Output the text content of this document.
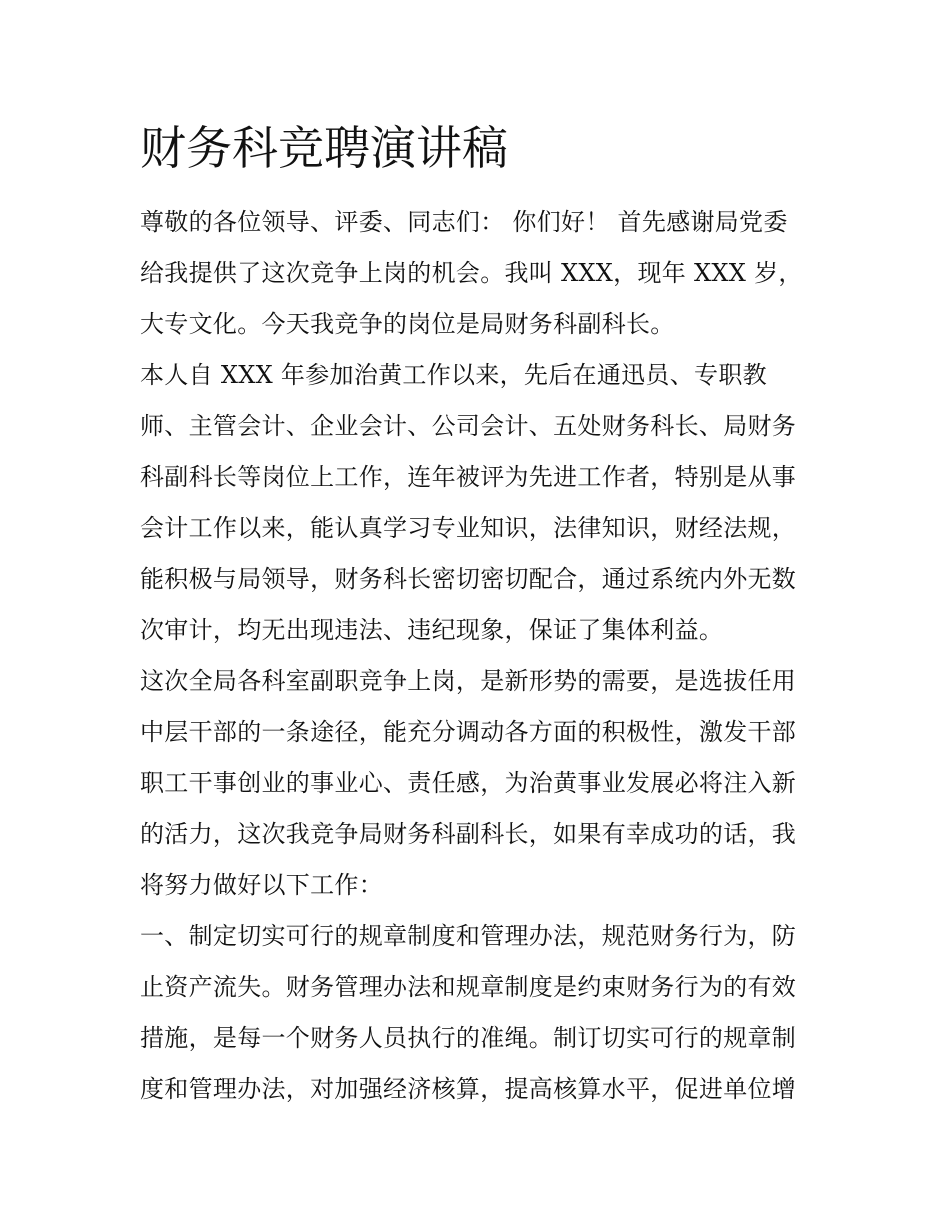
财务科竞聘演讲稿

尊敬的各位领导、评委、同志们： 你们好！ 首先感谢局党委

给我提供了这次竞争上岗的机会。我叫 XXX，现年 XXX 岁，

大专文化。今天我竞争的岗位是局财务科副科长。

本人自 XXX 年参加治黄工作以来，先后在通迅员、专职教

师、主管会计、企业会计、公司会计、五处财务科长、局财务

科副科长等岗位上工作，连年被评为先进工作者，特别是从事

会计工作以来，能认真学习专业知识，法律知识，财经法规，

能积极与局领导，财务科长密切密切配合，通过系统内外无数

次审计，均无出现违法、违纪现象，保证了集体利益。

这次全局各科室副职竞争上岗，是新形势的需要，是选拔任用

中层干部的一条途径，能充分调动各方面的积极性，激发干部

职工干事创业的事业心、责任感，为治黄事业发展必将注入新

的活力，这次我竞争局财务科副科长，如果有幸成功的话，我

将努力做好以下工作：

一、制定切实可行的规章制度和管理办法，规范财务行为，防

止资产流失。财务管理办法和规章制度是约束财务行为的有效

措施，是每一个财务人员执行的准绳。制订切实可行的规章制

度和管理办法，对加强经济核算，提高核算水平，促进单位增
